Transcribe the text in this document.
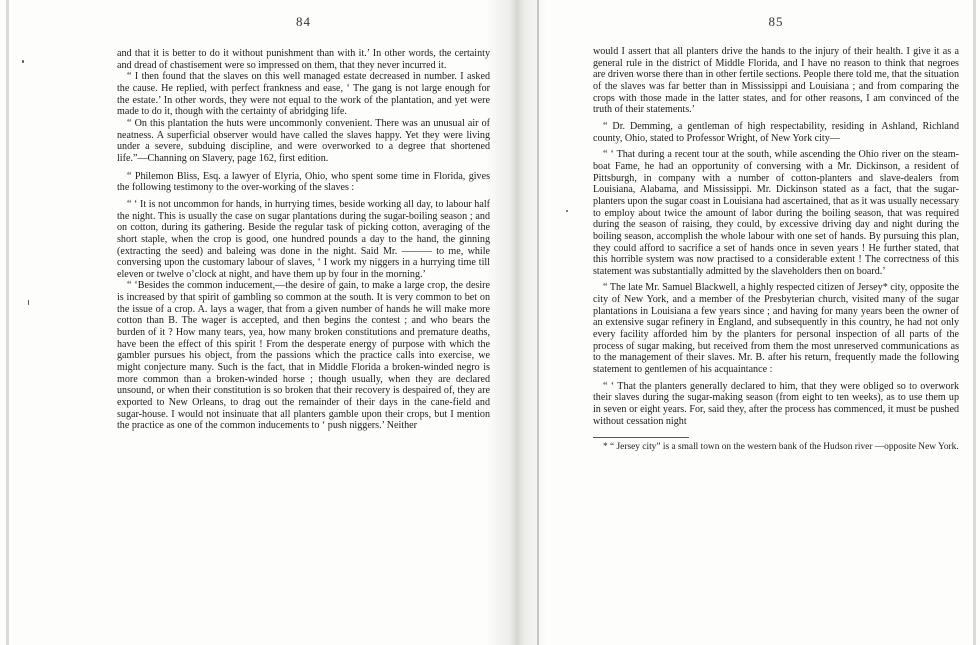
84

and that it is better to do it without punishment than with it.’ In other words, the certainty and dread of chastisement were so impressed on them, that they never incurred it.

“ I then found that the slaves on this well managed estate decreased in number. I asked the cause. He replied, with perfect frankness and ease, ‘ The gang is not large enough for the estate.’ In other words, they were not equal to the work of the plantation, and yet were made to do it, though with the certainty of abridging life.

“ On this plantation the huts were uncommonly convenient. There was an unusual air of neatness. A superficial observer would have called the slaves happy. Yet they were living under a severe, subduing discipline, and were overworked to a degree that shortened life.”—Channing on Slavery, page 162, first edition.

“ Philemon Bliss, Esq. a lawyer of Elyria, Ohio, who spent some time in Florida, gives the following testimony to the over-working of the slaves :

“ ‘ It is not uncommon for hands, in hurrying times, beside working all day, to labour half the night. This is usually the case on sugar plantations during the sugar-boiling season ; and on cotton, during its gathering. Beside the regular task of picking cotton, averaging of the short staple, when the crop is good, one hundred pounds a day to the hand, the ginning (extracting the seed) and baleing was done in the night. Said Mr. ——— to me, while conversing upon the customary labour of slaves, ‘ I work my niggers in a hurrying time till eleven or twelve o’clock at night, and have them up by four in the morning.’

“ ‘Besides the common inducement,—the desire of gain, to make a large crop, the desire is increased by that spirit of gambling so common at the south. It is very common to bet on the issue of a crop. A. lays a wager, that from a given number of hands he will make more cotton than B. The wager is accepted, and then begins the contest ; and who bears the burden of it ? How many tears, yea, how many broken constitutions and premature deaths, have been the effect of this spirit ! From the desperate energy of purpose with which the gambler pursues his object, from the passions which the practice calls into exercise, we might conjecture many. Such is the fact, that in Middle Florida a broken-winded negro is more common than a broken-winded horse ; though usually, when they are declared unsound, or when their constitution is so broken that their recovery is despaired of, they are exported to New Orleans, to drag out the remainder of their days in the cane-field and sugar-house. I would not insinuate that all planters gamble upon their crops, but I mention the practice as one of the common inducements to ‘ push niggers.’ Neither

85

would I assert that all planters drive the hands to the injury of their health. I give it as a general rule in the district of Middle Florida, and I have no reason to think that negroes are driven worse there than in other fertile sections. People there told me, that the situation of the slaves was far better than in Mississippi and Louisiana ; and from comparing the crops with those made in the latter states, and for other reasons, I am convinced of the truth of their statements.’

“ Dr. Demming, a gentleman of high respectability, residing in Ashland, Richland county, Ohio, stated to Professor Wright, of New York city—

“ ‘ That during a recent tour at the south, while ascending the Ohio river on the steam-boat Fame, he had an opportunity of conversing with a Mr. Dickinson, a resident of Pittsburgh, in company with a number of cotton-planters and slave-dealers from Louisiana, Alabama, and Mississippi. Mr. Dickinson stated as a fact, that the sugar-planters upon the sugar coast in Louisiana had ascertained, that as it was usually necessary to employ about twice the amount of labor during the boiling season, that was required during the season of raising, they could, by excessive driving day and night during the boiling season, accomplish the whole labour with one set of hands. By pursuing this plan, they could afford to sacrifice a set of hands once in seven years ! He further stated, that this horrible system was now practised to a considerable extent ! The correctness of this statement was substantially admitted by the slaveholders then on board.’

“ The late Mr. Samuel Blackwell, a highly respected citizen of Jersey* city, opposite the city of New York, and a member of the Presbyterian church, visited many of the sugar plantations in Louisiana a few years since ; and having for many years been the owner of an extensive sugar refinery in England, and subsequently in this country, he had not only every facility afforded him by the planters for personal inspection of all parts of the process of sugar making, but received from them the most unreserved communications as to the management of their slaves. Mr. B. after his return, frequently made the following statement to gentlemen of his acquaintance :

“ ‘ That the planters generally declared to him, that they were obliged so to overwork their slaves during the sugar-making season (from eight to ten weeks), as to use them up in seven or eight years. For, said they, after the process has commenced, it must be pushed without cessation night

* “ Jersey city” is a small town on the western bank of the Hudson river —opposite New York.
